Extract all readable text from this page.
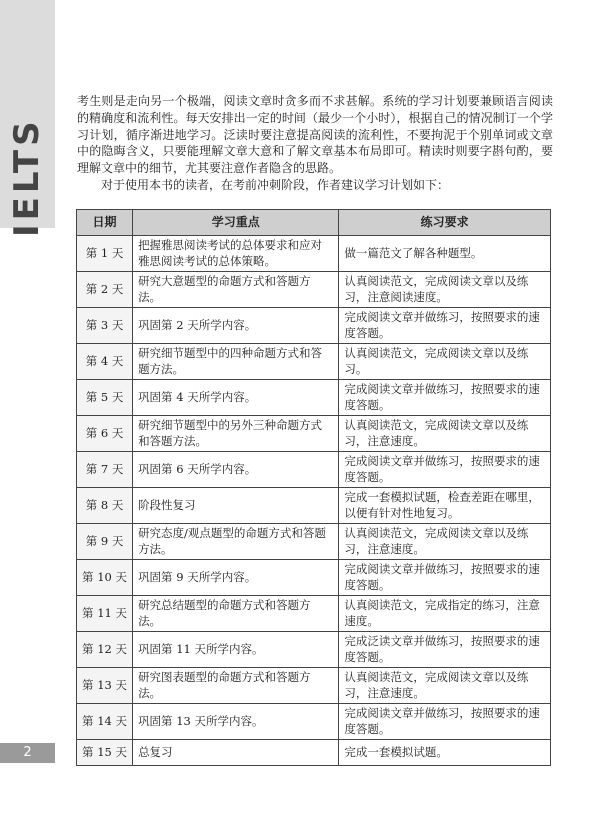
IELTS
2

考生则是走向另一个极端，阅读文章时贪多而不求甚解。系统的学习计划要兼顾语言阅读的精确度和流利性。每天安排出一定的时间（最少一个小时），根据自己的情况制订一个学习计划，循序渐进地学习。泛读时要注意提高阅读的流利性，不要拘泥于个别单词或文章中的隐晦含义，只要能理解文章大意和了解文章基本布局即可。精读时则要字斟句酌，要理解文章中的细节，尤其要注意作者隐含的思路。

对于使用本书的读者，在考前冲刺阶段，作者建议学习计划如下：

日期	学习重点	练习要求
第 1 天	把握雅思阅读考试的总体要求和应对雅思阅读考试的总体策略。	做一篇范文了解各种题型。
第 2 天	研究大意题型的命题方式和答题方法。	认真阅读范文，完成阅读文章以及练习，注意阅读速度。
第 3 天	巩固第 2 天所学内容。	完成阅读文章并做练习，按照要求的速度答题。
第 4 天	研究细节题型中的四种命题方式和答题方法。	认真阅读范文，完成阅读文章以及练习。
第 5 天	巩固第 4 天所学内容。	完成阅读文章并做练习，按照要求的速度答题。
第 6 天	研究细节题型中的另外三种命题方式和答题方法。	认真阅读范文，完成阅读文章以及练习，注意速度。
第 7 天	巩固第 6 天所学内容。	完成阅读文章并做练习，按照要求的速度答题。
第 8 天	阶段性复习	完成一套模拟试题，检查差距在哪里，以便有针对性地复习。
第 9 天	研究态度/观点题型的命题方式和答题方法。	认真阅读范文，完成阅读文章以及练习，注意速度。
第 10 天	巩固第 9 天所学内容。	完成阅读文章并做练习，按照要求的速度答题。
第 11 天	研究总结题型的命题方式和答题方法。	认真阅读范文，完成指定的练习，注意速度。
第 12 天	巩固第 11 天所学内容。	完成泛读文章并做练习，按照要求的速度答题。
第 13 天	研究图表题型的命题方式和答题方法。	认真阅读范文，完成阅读文章以及练习，注意速度。
第 14 天	巩固第 13 天所学内容。	完成阅读文章并做练习，按照要求的速度答题。
第 15 天	总复习	完成一套模拟试题。
